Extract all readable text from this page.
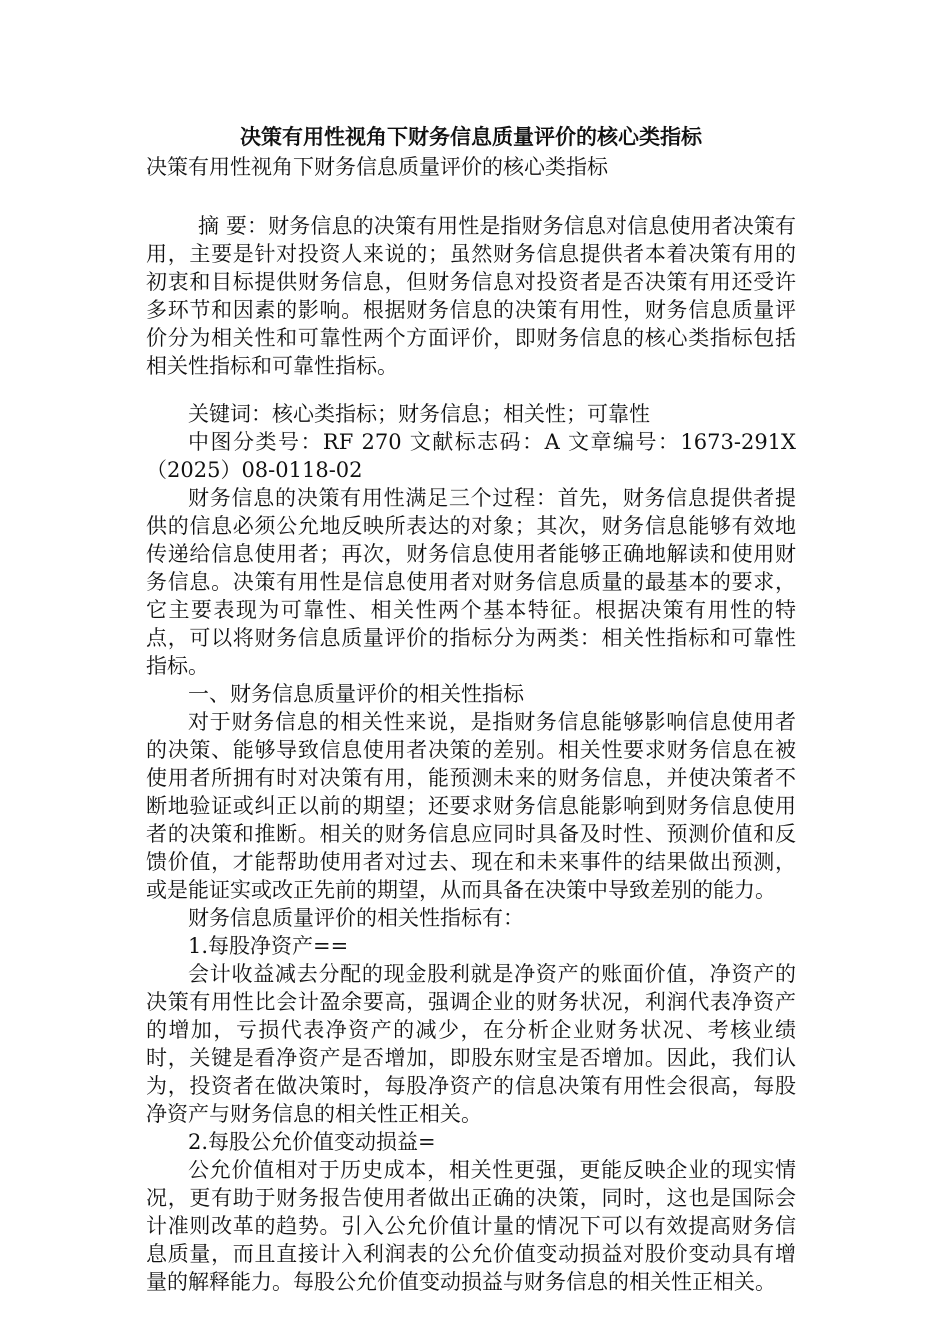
决策有用性视角下财务信息质量评价的核心类指标
决策有用性视角下财务信息质量评价的核心类指标

摘 要：财务信息的决策有用性是指财务信息对信息使用者决策有用，主要是针对投资人来说的；虽然财务信息提供者本着决策有用的初衷和目标提供财务信息，但财务信息对投资者是否决策有用还受许多环节和因素的影响。根据财务信息的决策有用性，财务信息质量评价分为相关性和可靠性两个方面评价，即财务信息的核心类指标包括相关性指标和可靠性指标。

关键词：核心类指标；财务信息；相关性；可靠性

中图分类号：RF 270 文献标志码：A 文章编号：1673-291X（2025）08-0118-02

财务信息的决策有用性满足三个过程：首先，财务信息提供者提供的信息必须公允地反映所表达的对象；其次，财务信息能够有效地传递给信息使用者；再次，财务信息使用者能够正确地解读和使用财务信息。决策有用性是信息使用者对财务信息质量的最基本的要求，它主要表现为可靠性、相关性两个基本特征。根据决策有用性的特点，可以将财务信息质量评价的指标分为两类：相关性指标和可靠性指标。

一、财务信息质量评价的相关性指标

对于财务信息的相关性来说，是指财务信息能够影响信息使用者的决策、能够导致信息使用者决策的差别。相关性要求财务信息在被使用者所拥有时对决策有用，能预测未来的财务信息，并使决策者不断地验证或纠正以前的期望；还要求财务信息能影响到财务信息使用者的决策和推断。相关的财务信息应同时具备及时性、预测价值和反馈价值，才能帮助使用者对过去、现在和未来事件的结果做出预测，或是能证实或改正先前的期望，从而具备在决策中导致差别的能力。

财务信息质量评价的相关性指标有：

1.每股净资产==

会计收益减去分配的现金股利就是净资产的账面价值，净资产的决策有用性比会计盈余要高，强调企业的财务状况，利润代表净资产的增加，亏损代表净资产的减少，在分析企业财务状况、考核业绩时，关键是看净资产是否增加，即股东财宝是否增加。因此，我们认为，投资者在做决策时，每股净资产的信息决策有用性会很高，每股净资产与财务信息的相关性正相关。

2.每股公允价值变动损益=

公允价值相对于历史成本，相关性更强，更能反映企业的现实情况，更有助于财务报告使用者做出正确的决策，同时，这也是国际会计准则改革的趋势。引入公允价值计量的情况下可以有效提高财务信息质量，而且直接计入利润表的公允价值变动损益对股价变动具有增量的解释能力。每股公允价值变动损益与财务信息的相关性正相关。
